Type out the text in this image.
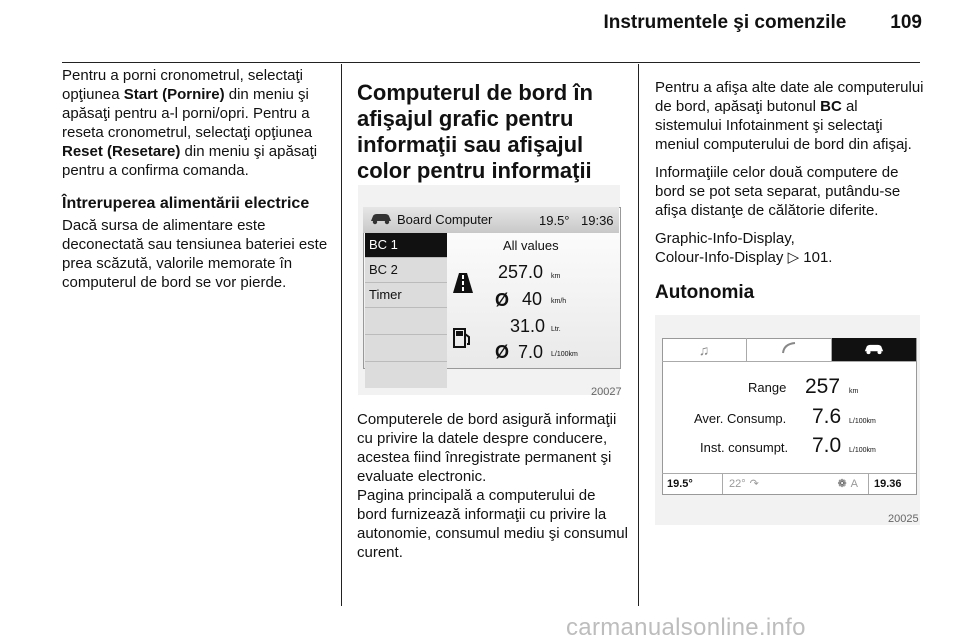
Instrumentele şi comenzile 109

Pentru a porni cronometrul, selectaţi opţiunea Start (Pornire) din meniu şi apăsaţi pentru a-l porni/opri. Pentru a reseta cronometrul, selectaţi opţiunea Reset (Resetare) din meniu şi apăsaţi pentru a confirma comanda.

Întreruperea alimentării electrice

Dacă sursa de alimentare este deconectată sau tensiunea bateriei este prea scăzută, valorile memorate în computerul de bord se vor pierde.

Computerul de bord în afişajul grafic pentru informaţii sau afişajul color pentru informaţii
Board Computer	19.5° 19:36
BC 1
BC 2
Timer
All values
257.0 km
Ø 40 km/h
31.0 Ltr.
Ø 7.0 L/100km
20027

Computerele de bord asigură informaţii cu privire la datele despre conducere, acestea fiind înregistrate permanent şi evaluate electronic.

Pagina principală a computerului de bord furnizează informaţii cu privire la autonomie, consumul mediu şi consumul curent.

Pentru a afişa alte date ale computerului de bord, apăsaţi butonul BC al sistemului Infotainment şi selectaţi meniul computerului de bord din afişaj.

Informaţiile celor două computere de bord se pot seta separat, putându-se afişa distanţe de călătorie diferite.

Graphic-Info-Display,
Colour-Info-Display ▷ 101.

Autonomia
♫
Range 257 km
Aver. Consump. 7.6 L/100km
Inst. consumpt. 7.0 L/100km
19.5°	22° ↷	❁ A	19.36
20025
carmanualsonline.info
